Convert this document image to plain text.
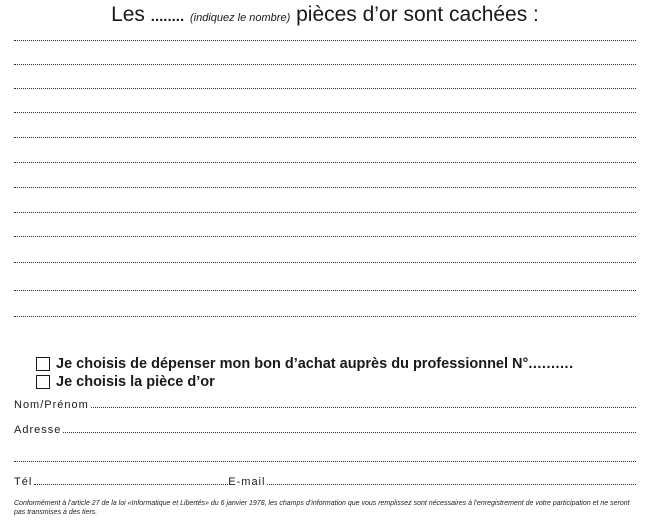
Les ........ (indiquez le nombre) pièces d’or sont cachées :
Je choisis de dépenser mon bon d’achat auprès du professionnel N°..........
Je choisis la pièce d’or
Nom/Prénom
Adresse
Tél	E-mail
Conformément à l’article 27 de la loi «Informatique et Libertés» du 6 janvier 1978, les champs d’information que vous remplissez sont nécessaires à l’enregistrement de votre participation et ne seront pas transmises à des tiers.
